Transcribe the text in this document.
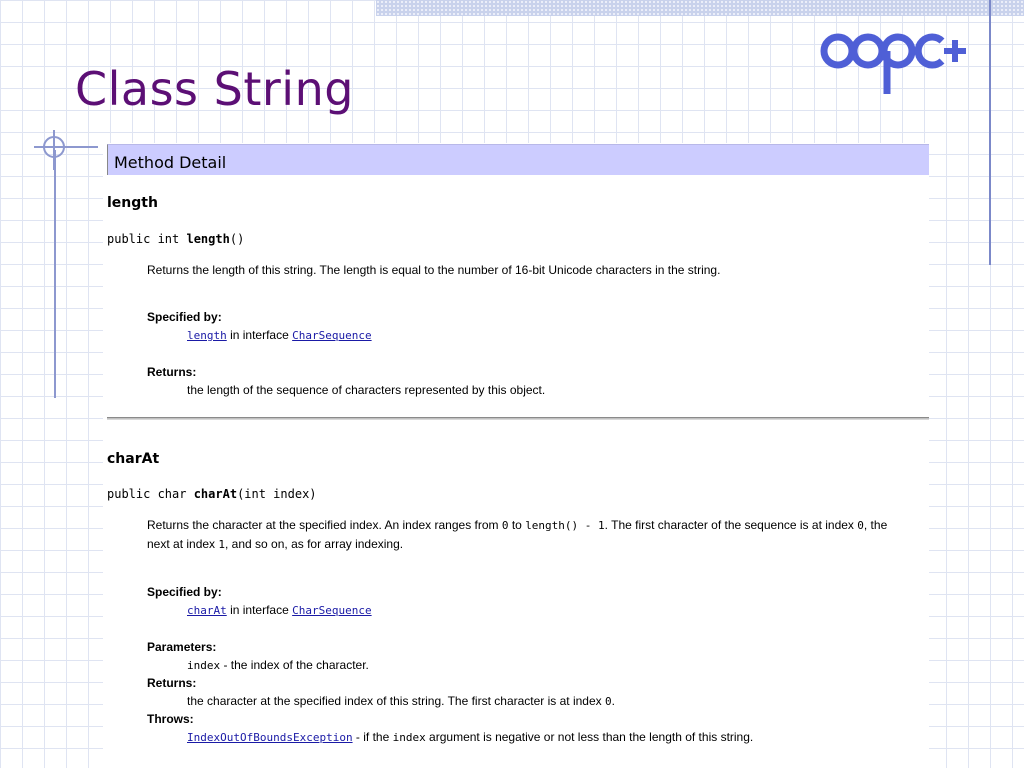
Class String
Method Detail
length
public int length()
Returns the length of this string. The length is equal to the number of 16-bit Unicode characters in the string.
Specified by:
length in interface CharSequence
Returns:
the length of the sequence of characters represented by this object.
charAt
public char charAt(int index)
Returns the character at the specified index. An index ranges from 0 to length() - 1. The first character of the sequence is at index 0, the
next at index 1, and so on, as for array indexing.
Specified by:
charAt in interface CharSequence
Parameters:
index - the index of the character.
Returns:
the character at the specified index of this string. The first character is at index 0.
Throws:
IndexOutOfBoundsException - if the index argument is negative or not less than the length of this string.
